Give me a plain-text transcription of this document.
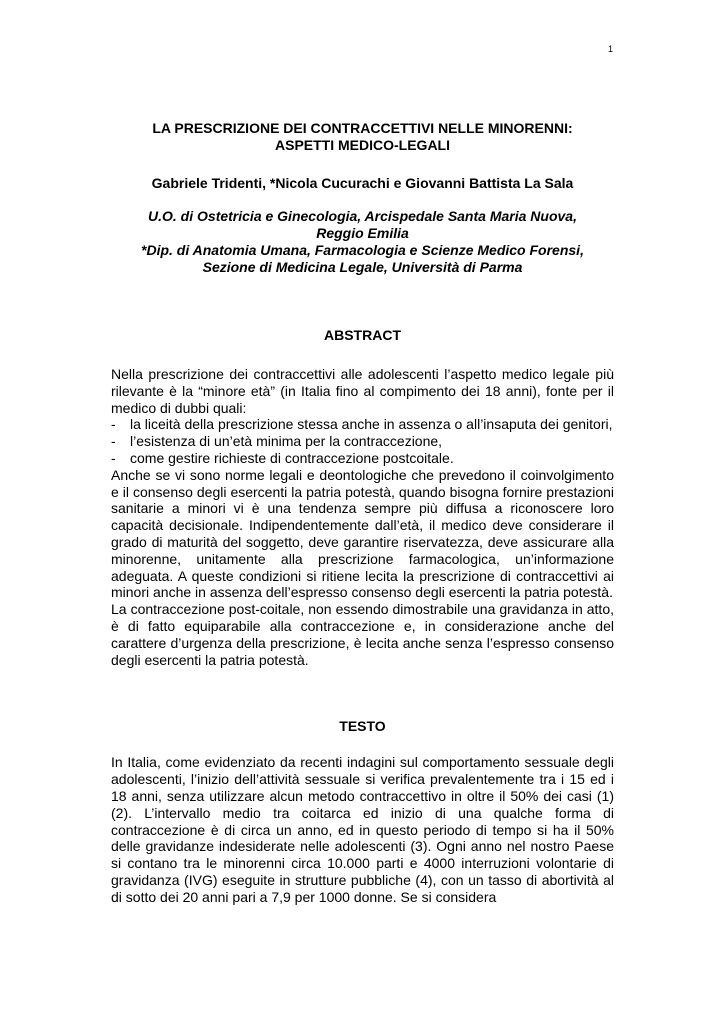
1
LA PRESCRIZIONE DEI CONTRACCETTIVI NELLE MINORENNI:
ASPETTI MEDICO-LEGALI
Gabriele Tridenti, *Nicola Cucurachi e Giovanni Battista La Sala
U.O. di Ostetricia e Ginecologia, Arcispedale Santa Maria Nuova,
Reggio Emilia
*Dip. di Anatomia Umana, Farmacologia e Scienze Medico Forensi,
Sezione di Medicina Legale, Università di Parma
ABSTRACT

Nella prescrizione dei contraccettivi alle adolescenti l’aspetto medico legale più rilevante è la “minore età” (in Italia fino al compimento dei 18 anni), fonte per il medico di dubbi quali:

- la liceità della prescrizione stessa anche in assenza o all’insaputa dei genitori,
- l’esistenza di un’età minima per la contraccezione,
- come gestire richieste di contraccezione postcoitale.

Anche se vi sono norme legali e deontologiche che prevedono il coinvolgimento e il consenso degli esercenti la patria potestà, quando bisogna fornire prestazioni sanitarie a minori vi è una tendenza sempre più diffusa a riconoscere loro capacità decisionale. Indipendentemente dall’età, il medico deve considerare il grado di maturità del soggetto, deve garantire riservatezza, deve assicurare alla minorenne, unitamente alla prescrizione farmacologica, un’informazione adeguata. A queste condizioni si ritiene lecita la prescrizione di contraccettivi ai minori anche in assenza dell’espresso consenso degli esercenti la patria potestà.

La contraccezione post-coitale, non essendo dimostrabile una gravidanza in atto, è di fatto equiparabile alla contraccezione e, in considerazione anche del carattere d’urgenza della prescrizione, è lecita anche senza l’espresso consenso degli esercenti la patria potestà.

TESTO

In Italia, come evidenziato da recenti indagini sul comportamento sessuale degli adolescenti, l’inizio dell’attività sessuale si verifica prevalentemente tra i 15 ed i 18 anni, senza utilizzare alcun metodo contraccettivo in oltre il 50% dei casi (1)(2). L’intervallo medio tra coitarca ed inizio di una qualche forma di contraccezione è di circa un anno, ed in questo periodo di tempo si ha il 50% delle gravidanze indesiderate nelle adolescenti (3). Ogni anno nel nostro Paese si contano tra le minorenni circa 10.000 parti e 4000 interruzioni volontarie di gravidanza (IVG) eseguite in strutture pubbliche (4), con un tasso di abortività al di sotto dei 20 anni pari a 7,9 per 1000 donne. Se si considera
